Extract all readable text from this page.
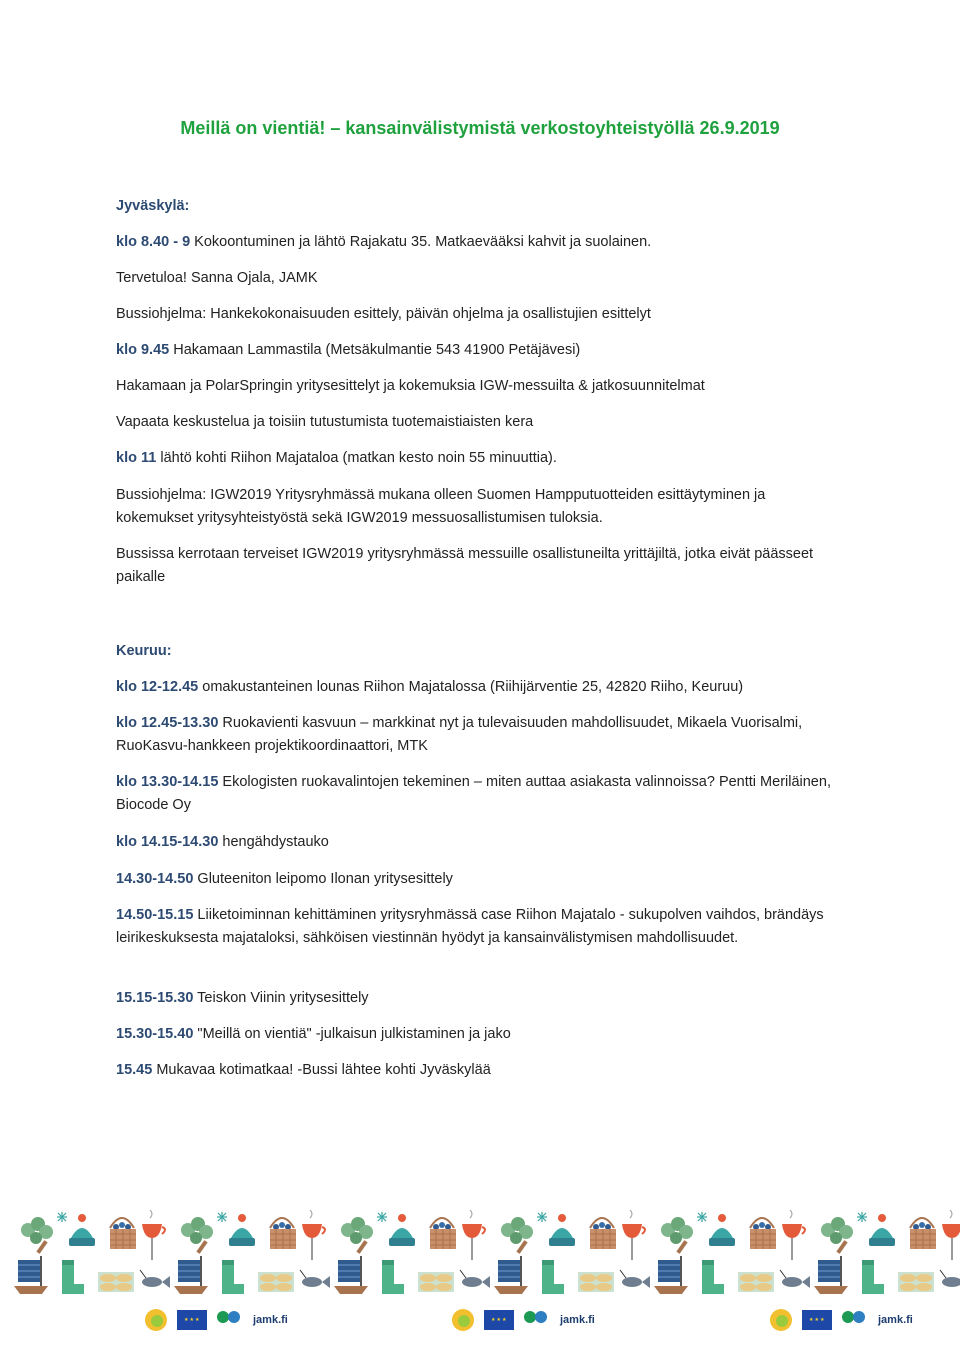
Meillä on vientiä! – kansainvälistymistä verkostoyhteistyöllä 26.9.2019
Jyväskylä:
klo 8.40 - 9 Kokoontuminen ja lähtö Rajakatu 35. Matkaevääksi kahvit ja suolainen.
Tervetuloa! Sanna Ojala, JAMK
Bussiohjelma: Hankekokonaisuuden esittely, päivän ohjelma ja osallistujien esittelyt
klo 9.45 Hakamaan Lammastila (Metsäkulmantie 543 41900 Petäjävesi)
Hakamaan ja PolarSpringin yritysesittelyt ja kokemuksia IGW-messuilta & jatkosuunnitelmat
Vapaata keskustelua ja toisiin tutustumista tuotemaistiaisten kera
klo 11 lähtö kohti Riihon Majataloa (matkan kesto noin 55 minuuttia).
Bussiohjelma: IGW2019 Yritysryhmässä mukana olleen Suomen Hampputuotteiden esittäytyminen ja kokemukset yritysyhteistyöstä sekä IGW2019 messuosallistumisen tuloksia.
Bussissa kerrotaan terveiset IGW2019 yritysryhmässä messuille osallistuneilta yrittäjiltä, jotka eivät päässeet paikalle
Keuruu:
klo 12-12.45 omakustanteinen lounas Riihon Majatalossa (Riihijärventie 25, 42820 Riiho, Keuruu)
klo 12.45-13.30 Ruokavienti kasvuun – markkinat nyt ja tulevaisuuden mahdollisuudet, Mikaela Vuorisalmi, RuoKasvu-hankkeen projektikoordinaattori, MTK
klo 13.30-14.15 Ekologisten ruokavalintojen tekeminen – miten auttaa asiakasta valinnoissa? Pentti Meriläinen, Biocode Oy
klo 14.15-14.30 hengähdystauko
14.30-14.50 Gluteeniton leipomo Ilonan yritysesittely
14.50-15.15 Liiketoiminnan kehittäminen yritysryhmässä case Riihon Majatalo - sukupolven vaihdos, brändäys leirikeskuksesta majataloksi, sähköisen viestinnän hyödyt ja kansainvälistymisen mahdollisuudet.
15.15-15.30 Teiskon Viinin yritysesittely
15.30-15.40 "Meillä on vientiä" -julkaisun julkistaminen ja jako
15.45 Mukavaa kotimatkaa! -Bussi lähtee kohti Jyväskylää
★★★
jamk.fi ★★★	jamk.fi ★★★	jamk.fi
